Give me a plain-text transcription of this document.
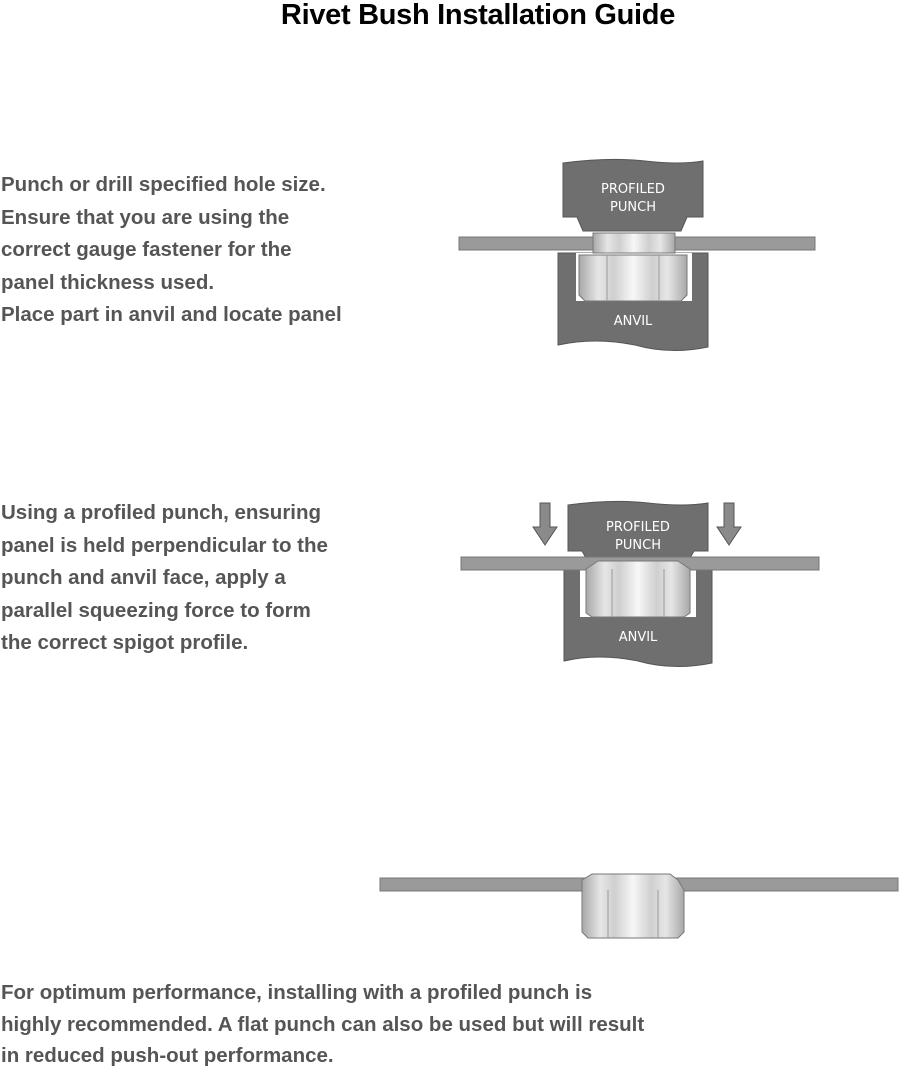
Rivet Bush Installation Guide

Punch or drill specified hole size.
Ensure that you are using the
correct gauge fastener for the
panel thickness used.
Place part in anvil and locate panel

PROFILED
PUNCH
ANVIL

Using a profiled punch, ensuring
panel is held perpendicular to the
punch and anvil face, apply a
parallel squeezing force to form
the correct spigot profile.

PROFILED
PUNCH
ANVIL

For optimum performance, installing with a profiled punch is
highly recommended. A flat punch can also be used but will result
in reduced push-out performance.
